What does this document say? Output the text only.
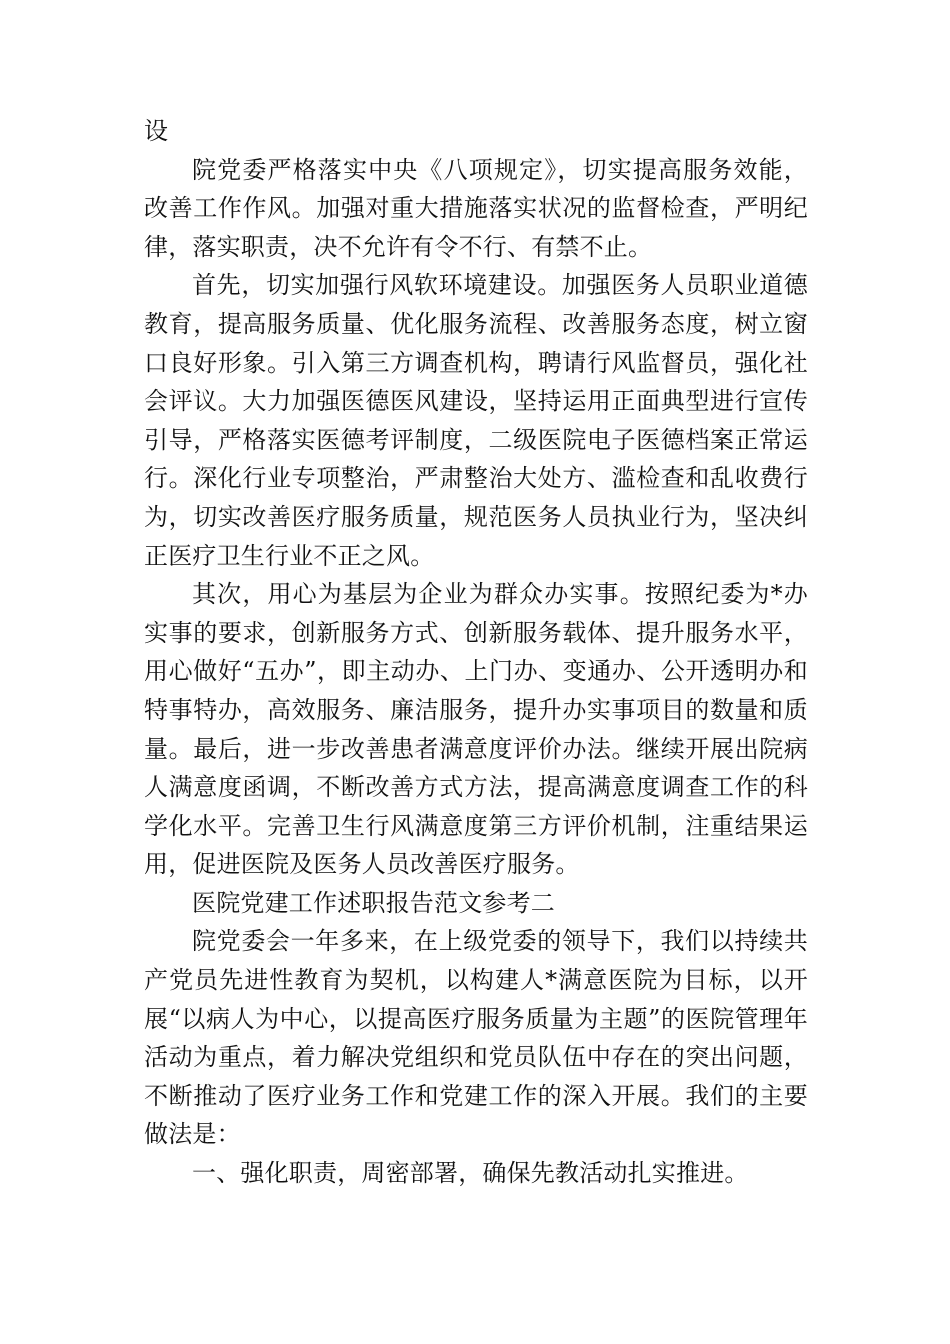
设

院党委严格落实中央《八项规定》，切实提高服务效能，改善工作作风。加强对重大措施落实状况的监督检查，严明纪律，落实职责，决不允许有令不行、有禁不止。

首先，切实加强行风软环境建设。加强医务人员职业道德教育，提高服务质量、优化服务流程、改善服务态度，树立窗口良好形象。引入第三方调查机构，聘请行风监督员，强化社会评议。大力加强医德医风建设，坚持运用正面典型进行宣传引导，严格落实医德考评制度，二级医院电子医德档案正常运行。深化行业专项整治，严肃整治大处方、滥检查和乱收费行为，切实改善医疗服务质量，规范医务人员执业行为，坚决纠正医疗卫生行业不正之风。

其次，用心为基层为企业为群众办实事。按照纪委为*办实事的要求，创新服务方式、创新服务载体、提升服务水平，用心做好“五办”，即主动办、上门办、变通办、公开透明办和特事特办，高效服务、廉洁服务，提升办实事项目的数量和质量。最后，进一步改善患者满意度评价办法。继续开展出院病人满意度函调，不断改善方式方法，提高满意度调查工作的科学化水平。完善卫生行风满意度第三方评价机制，注重结果运用，促进医院及医务人员改善医疗服务。

医院党建工作述职报告范文参考二

院党委会一年多来，在上级党委的领导下，我们以持续共产党员先进性教育为契机，以构建人*满意医院为目标，以开展“以病人为中心，以提高医疗服务质量为主题”的医院管理年活动为重点，着力解决党组织和党员队伍中存在的突出问题，不断推动了医疗业务工作和党建工作的深入开展。我们的主要做法是：

一、强化职责，周密部署，确保先教活动扎实推进。
